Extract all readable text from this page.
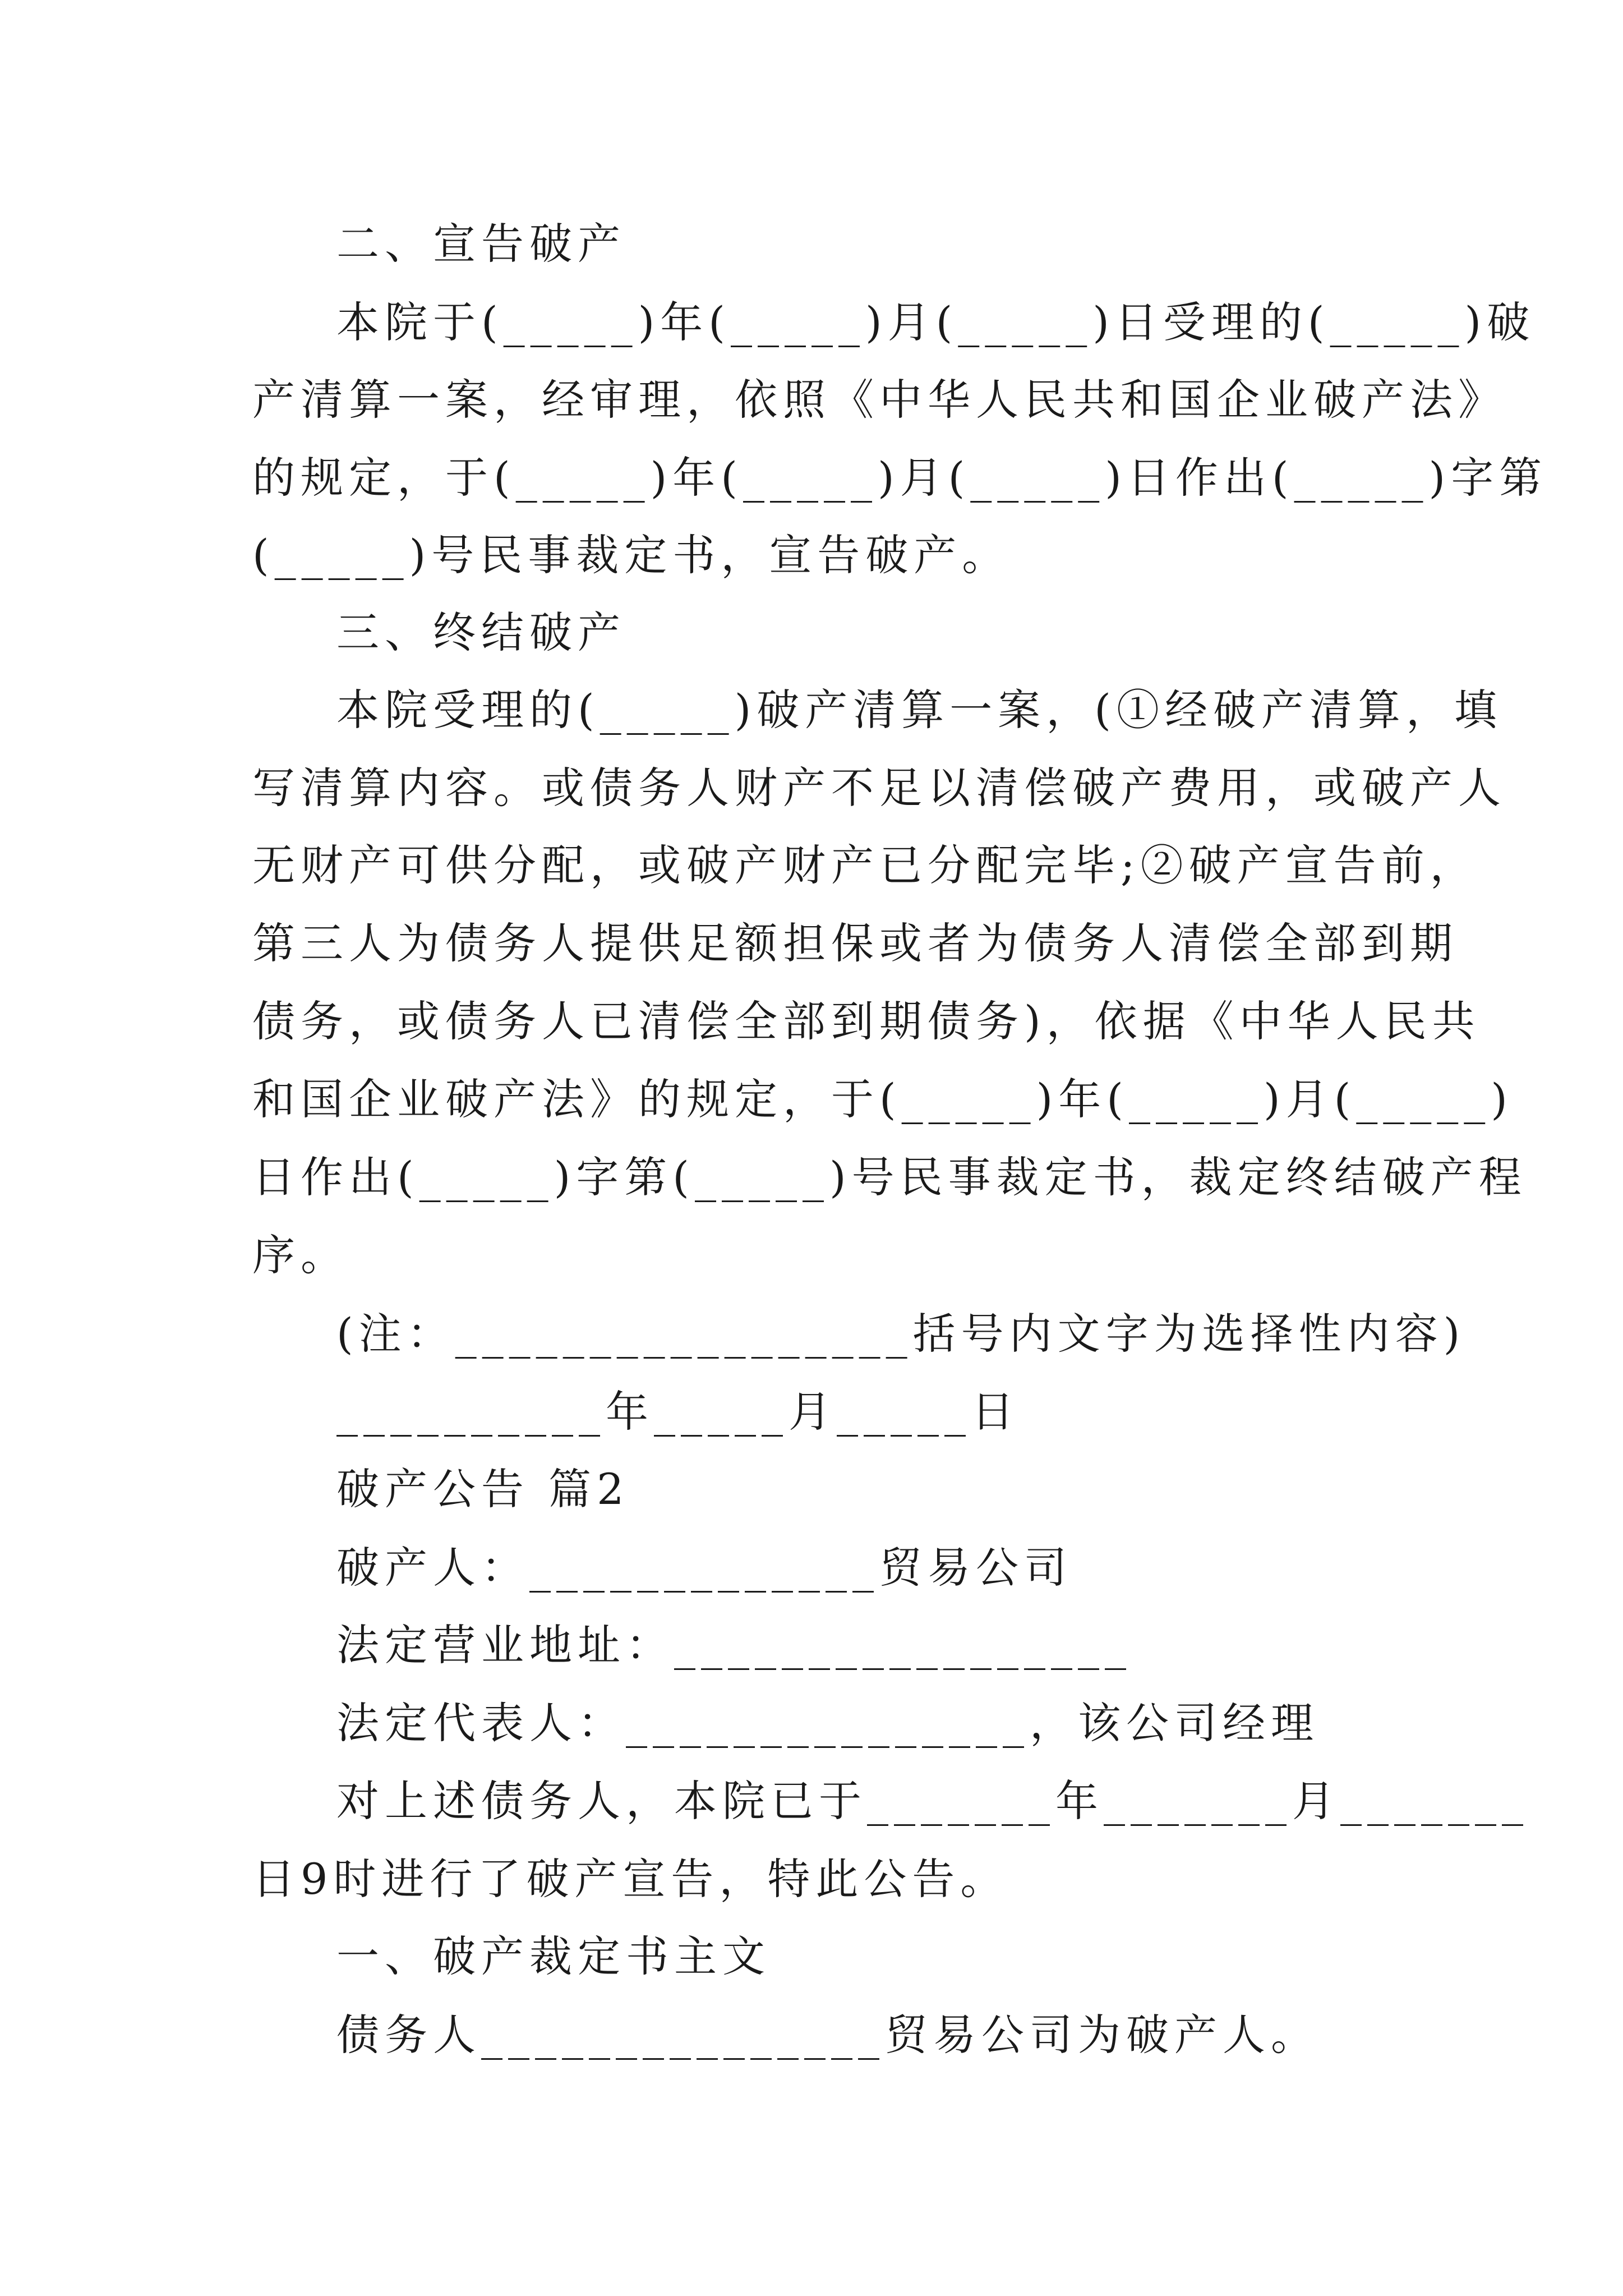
二、宣告破产
本院于(_____)年(_____)月(_____)日受理的(_____)破
产清算一案，经审理，依照《中华人民共和国企业破产法》
的规定，于(_____)年(_____)月(_____)日作出(_____)字第
(_____)号民事裁定书，宣告破产。
三、终结破产
本院受理的(_____)破产清算一案，(①经破产清算，填
写清算内容。或债务人财产不足以清偿破产费用，或破产人
无财产可供分配，或破产财产已分配完毕;②破产宣告前，
第三人为债务人提供足额担保或者为债务人清偿全部到期
债务，或债务人已清偿全部到期债务)，依据《中华人民共
和国企业破产法》的规定，于(_____)年(_____)月(_____)
日作出(_____)字第(_____)号民事裁定书，裁定终结破产程
序。
(注：_________________括号内文字为选择性内容)
__________年_____月_____日
破产公告 篇2
破产人：_____________贸易公司
法定营业地址：_________________
法定代表人：_______________，该公司经理
对上述债务人，本院已于_______年_______月_______
日9时进行了破产宣告，特此公告。
一、破产裁定书主文
债务人_______________贸易公司为破产人。
